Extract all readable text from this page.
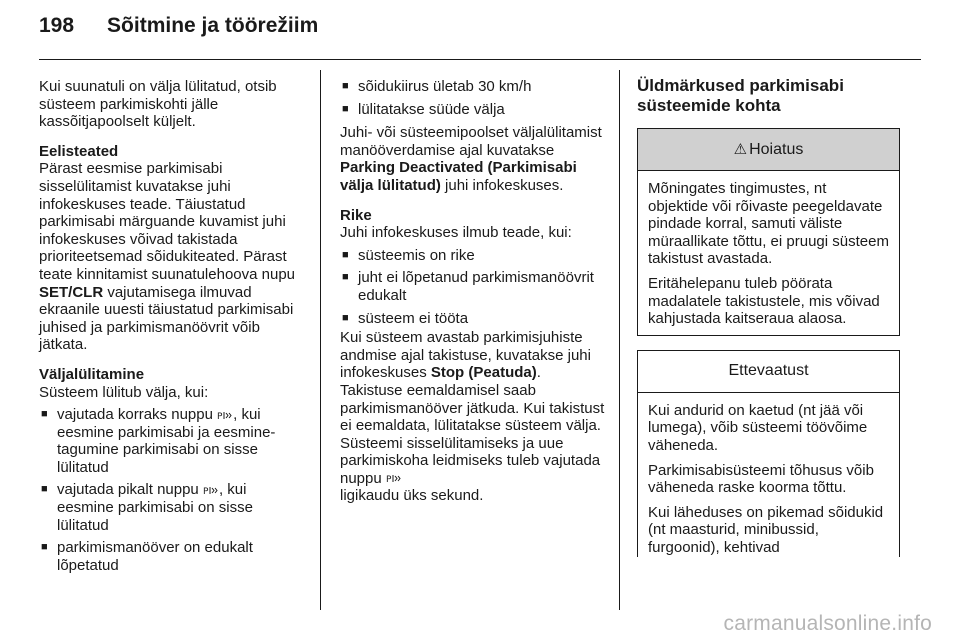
198 Sõitmine ja töörežiim

Kui suunatuli on välja lülitatud, otsib süsteem parkimiskohti jälle kassõitjapoolselt küljelt.

Eelisteated

Pärast eesmise parkimisabi sisselülitamist kuvatakse juhi infokeskuses teade. Täiustatud parkimisabi märguande kuvamist juhi infokeskuses võivad takistada prioriteetsemad sõidukiteated. Pärast teate kinnitamist suunatulehoova nupu SET/CLR vajutamisega ilmuvad ekraanile uuesti täiustatud parkimisabi juhised ja parkimismanöövrit võib jätkata.

Väljalülitamine

Süsteem lülitub välja, kui:

■ vajutada korraks nuppu P , kui eesmine parkimisabi ja eesmine-tagumine parkimisabi on sisse lülitatud
■ vajutada pikalt nuppu P , kui eesmine parkimisabi on sisse lülitatud
■ parkimismanööver on edukalt lõpetatud
■ sõidukiirus ületab 30 km/h
■ lülitatakse süüde välja

Juhi- või süsteemipoolset väljalülitamist manööverdamise ajal kuvatakse Parking Deactivated (Parkimisabi välja lülitatud) juhi infokeskuses.

Rike

Juhi infokeskuses ilmub teade, kui:

■ süsteemis on rike
■ juht ei lõpetanud parkimismanöövrit edukalt
■ süsteem ei tööta

Kui süsteem avastab parkimisjuhiste andmise ajal takistuse, kuvatakse juhi infokeskuses Stop (Peatuda). Takistuse eemaldamisel saab parkimismanööver jätkuda. Kui takistust ei eemaldata, lülitatakse süsteem välja. Süsteemi sisselülitamiseks ja uue parkimiskoha leidmiseks tuleb vajutada nuppu P

ligikaudu üks sekund.

Üldmärkused parkimisabi süsteemide kohta

⚠ Hoiatus

Mõningates tingimustes, nt objektide või rõivaste peegeldavate pindade korral, samuti väliste müraallikate tõttu, ei pruugi süsteem takistust avastada.

Eritähelepanu tuleb pöörata madalatele takistustele, mis võivad kahjustada kaitseraua alaosa.

Ettevaatust

Kui andurid on kaetud (nt jää või lumega), võib süsteemi töövõime väheneda.

Parkimisabisüsteemi tõhusus võib väheneda raske koorma tõttu.

Kui läheduses on pikemad sõidukid (nt maasturid, minibussid, furgoonid), kehtivad

carmanualsonline.info
